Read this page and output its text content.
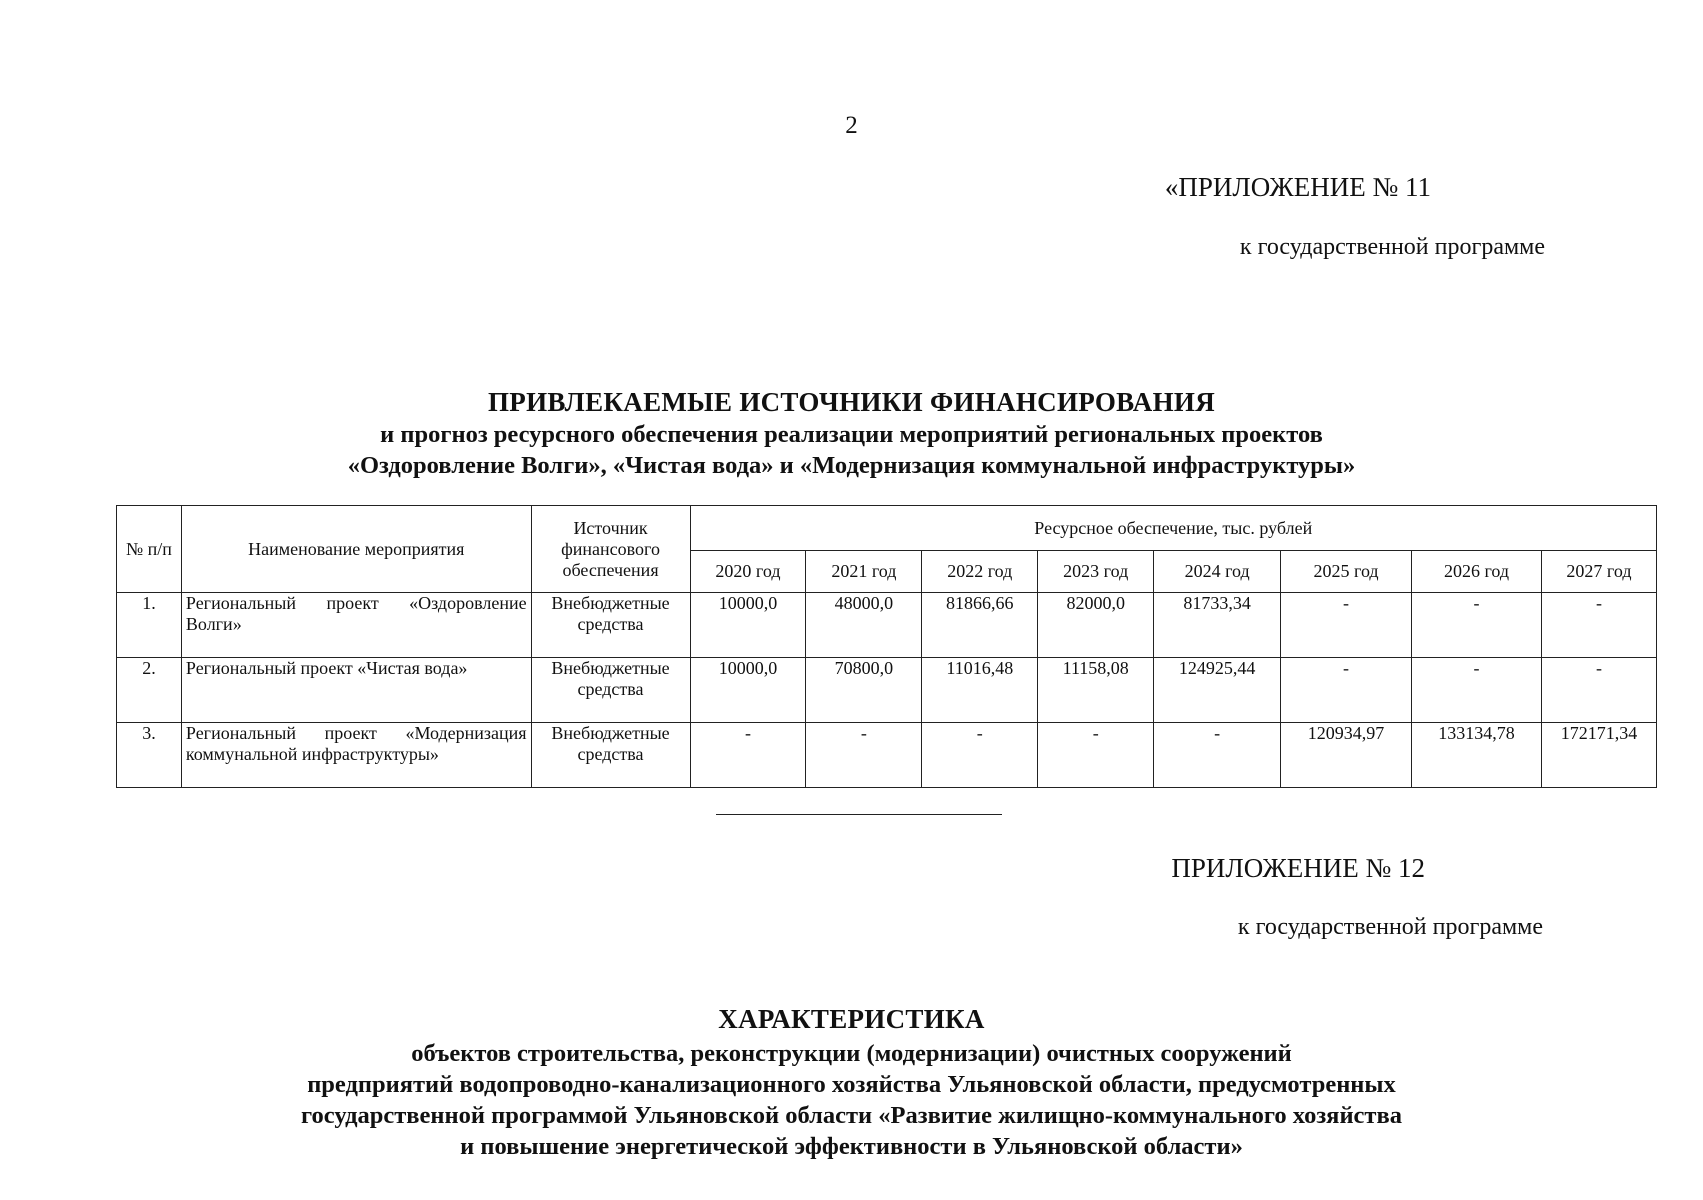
2
«ПРИЛОЖЕНИЕ № 11
к государственной программе
ПРИВЛЕКАЕМЫЕ ИСТОЧНИКИ ФИНАНСИРОВАНИЯ
и прогноз ресурсного обеспечения реализации мероприятий региональных проектов
«Оздоровление Волги», «Чистая вода» и «Модернизация коммунальной инфраструктуры»
№ п/п	Наименование мероприятия	Источник финансового обеспечения	Ресурсное обеспечение, тыс. рублей							
			2020 год	2021 год	2022 год	2023 год	2024 год	2025 год	2026 год	2027 год
1.	Региональный проект «Оздоровление Волги»	Внебюджетные средства	10000,0	48000,0	81866,66	82000,0	81733,34	-	-	-
2.	Региональный проект «Чистая вода»	Внебюджетные средства	10000,0	70800,0	11016,48	11158,08	124925,44	-	-	-
3.	Региональный проект «Модернизация коммунальной инфраструктуры»	Внебюджетные средства	-	-	-	-	-	120934,97	133134,78	172171,34
ПРИЛОЖЕНИЕ № 12
к государственной программе
ХАРАКТЕРИСТИКА
объектов строительства, реконструкции (модернизации) очистных сооружений
предприятий водопроводно-канализационного хозяйства Ульяновской области, предусмотренных
государственной программой Ульяновской области «Развитие жилищно-коммунального хозяйства
и повышение энергетической эффективности в Ульяновской области»
